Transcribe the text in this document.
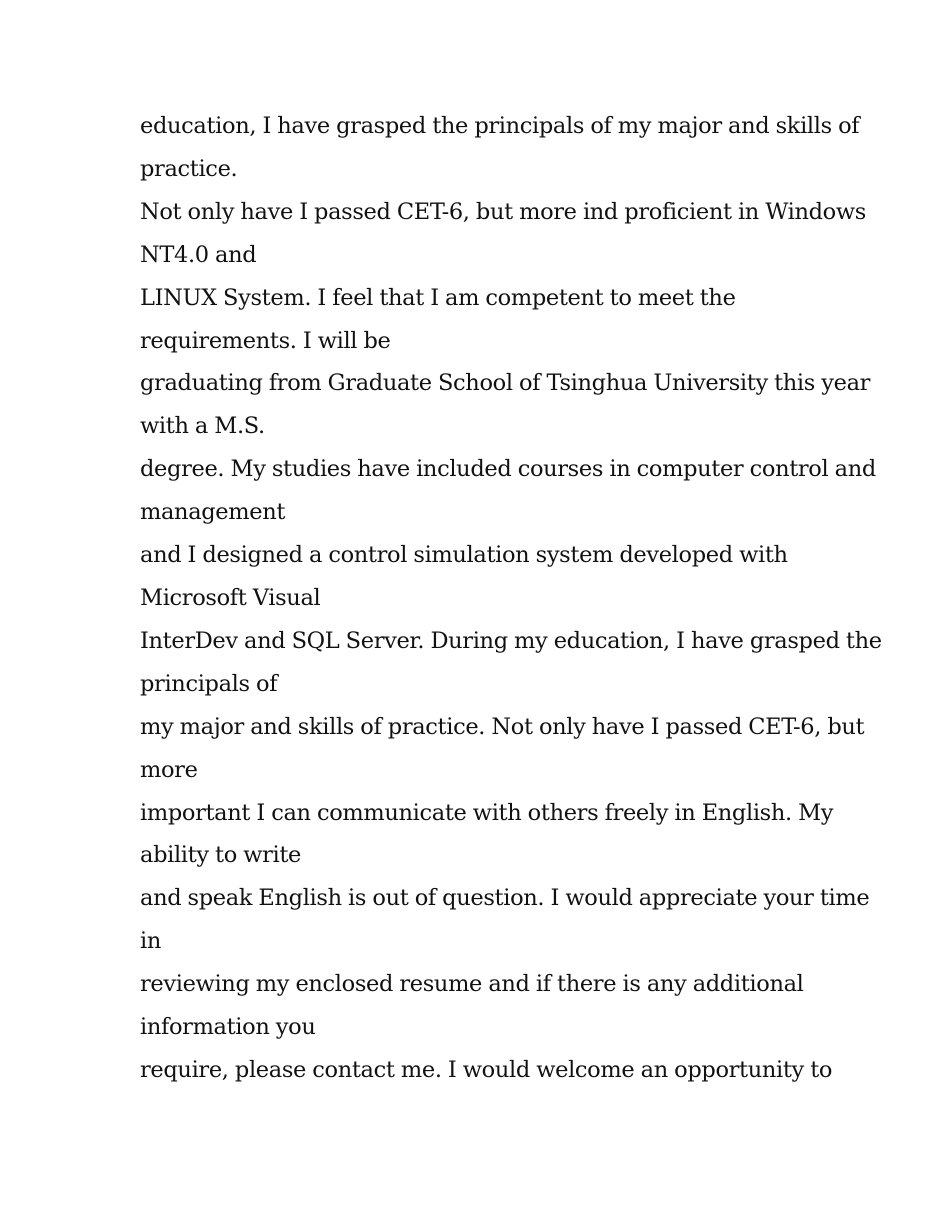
education, I have grasped the principals of my major and skills of
practice.
Not only have I passed CET-6, but more ind proficient in Windows
NT4.0 and
LINUX System. I feel that I am competent to meet the
requirements. I will be
graduating from Graduate School of Tsinghua University this year
with a M.S.
degree. My studies have included courses in computer control and
management
and I designed a control simulation system developed with
Microsoft Visual
InterDev and SQL Server. During my education, I have grasped the
principals of
my major and skills of practice. Not only have I passed CET-6, but
more
important I can communicate with others freely in English. My
ability to write
and speak English is out of question. I would appreciate your time
in
reviewing my enclosed resume and if there is any additional
information you
require, please contact me. I would welcome an opportunity to
